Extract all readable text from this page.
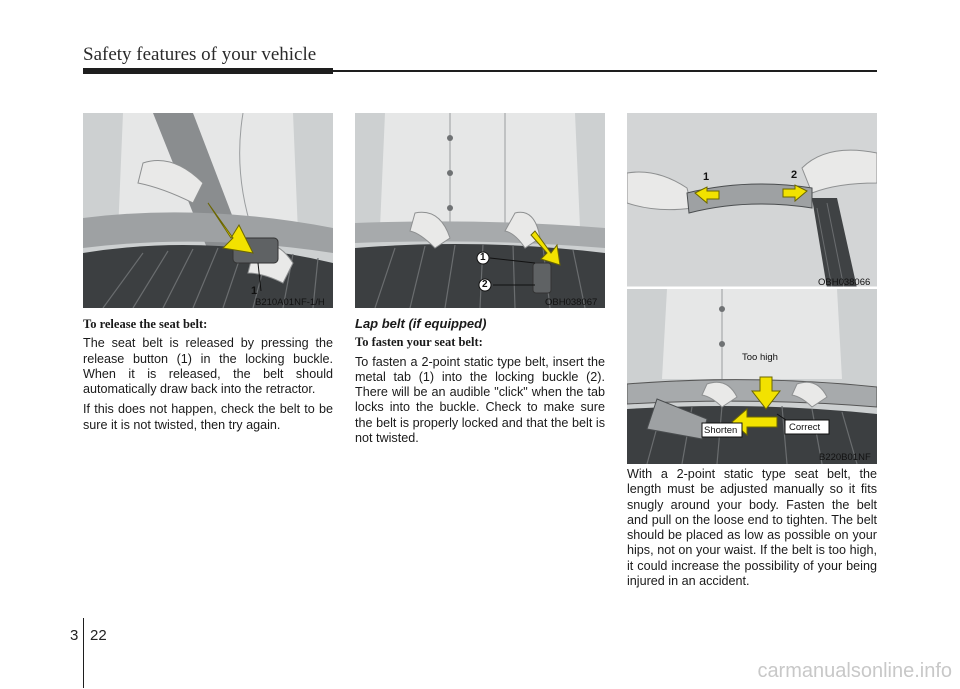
Safety features of your vehicle
1
B210A01NF-1/H
1
2
OBH038067
1	2
OBH038066
Too high
Shorten	Correct
B220B01NF
To release the seat belt:

The seat belt is released by pressing the release button (1) in the locking buckle. When it is released, the belt should automatically draw back into the retractor.

If this does not happen, check the belt to be sure it is not twisted, then try again.

Lap belt (if equipped)
To fasten your seat belt:

To fasten a 2-point static type belt, insert the metal tab (1) into the locking buckle (2). There will be an audible "click" when the tab locks into the buckle. Check to make sure the belt is properly locked and that the belt is not twisted.

With a 2-point static type seat belt, the length must be adjusted manually so it fits snugly around your body. Fasten the belt and pull on the loose end to tighten. The belt should be placed as low as possible on your hips, not on your waist. If the belt is too high, it could increase the possibility of your being injured in an accident.

3 22
carmanualsonline.info
